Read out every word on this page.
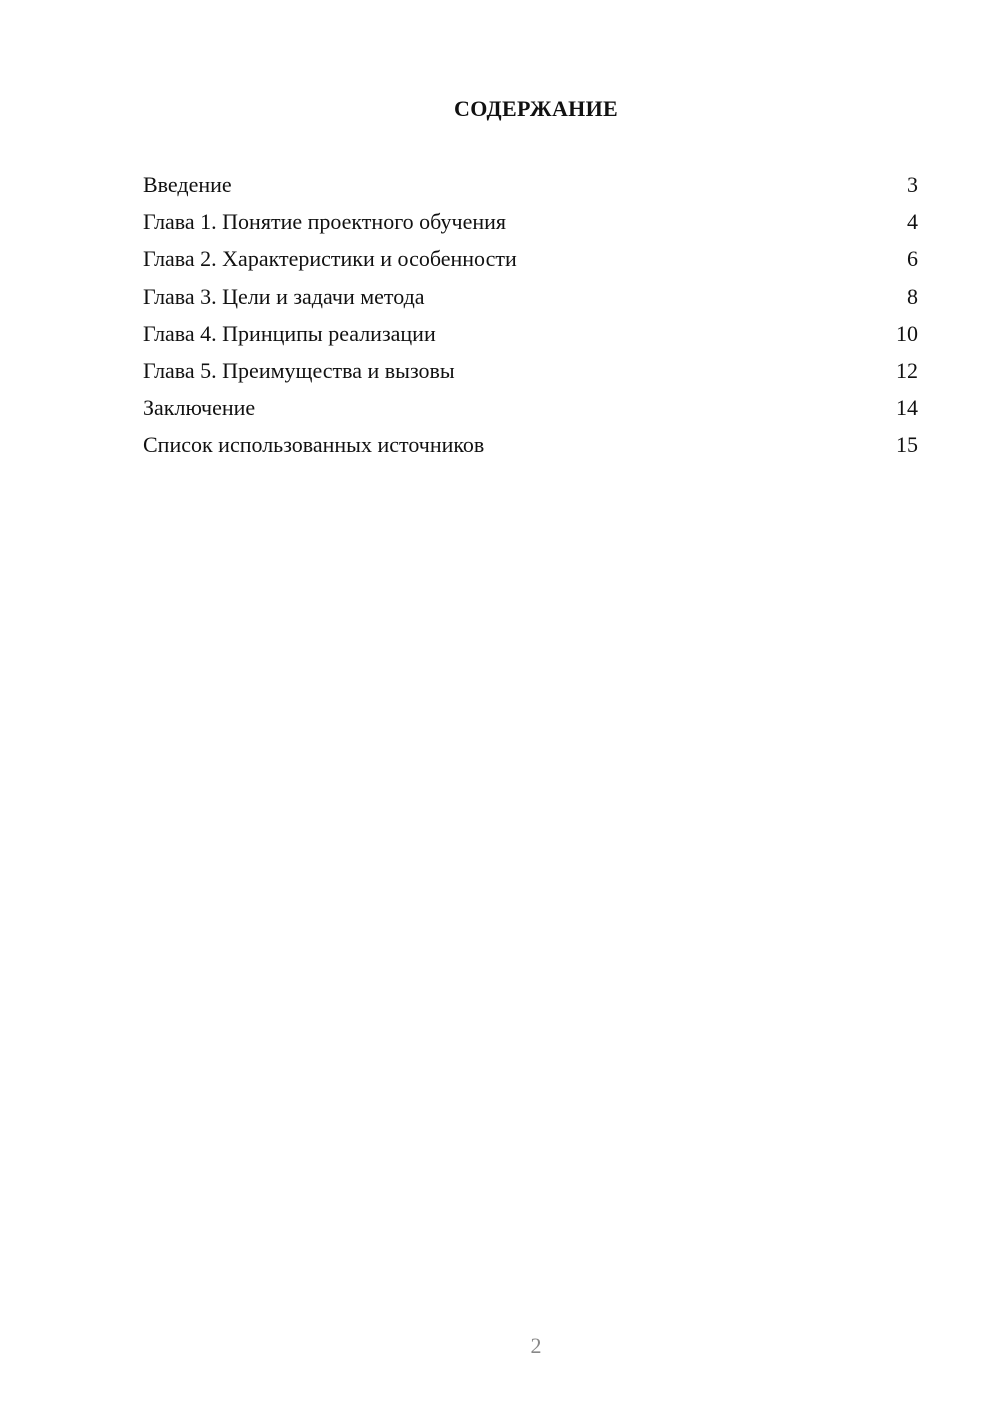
СОДЕРЖАНИЕ
Введение	3
Глава 1. Понятие проектного обучения	4
Глава 2. Характеристики и особенности	6
Глава 3. Цели и задачи метода	8
Глава 4. Принципы реализации	10
Глава 5. Преимущества и вызовы	12
Заключение	14
Список использованных источников	15
2
